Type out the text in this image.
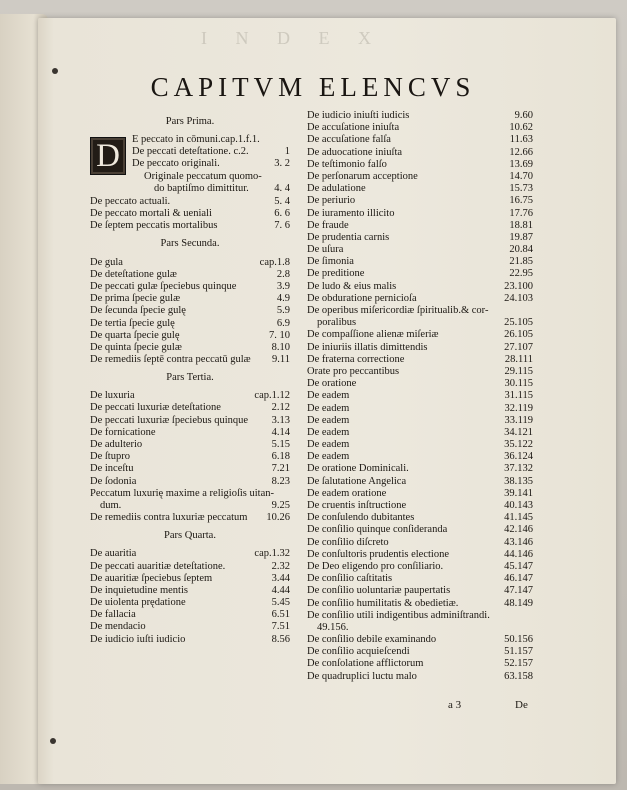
I N D E X
CAPITVM ELENCVS
Pars Prima.
D	E peccato in cōmuni.cap.1.f.1.
De peccati deteſtatione. c.2.	1
De peccato originali.	3. 2
Originale peccatum quomo-
do baptiſmo dimittitur. 4. 4
De peccato actuali.	5. 4
De peccato mortali & ueniali	6. 6
De ſeptem peccatis mortalibus	7. 6
Pars Secunda.
De gula	cap.1.8
De deteſtatione gulæ	2.8
De peccati gulæ ſpeciebus quinque	3.9
De prima ſpecie gulæ	4.9
De ſecunda ſpecie gulę	5.9
De tertia ſpecie gulę	6.9
De quarta ſpecie gulę	7. 10
De quinta ſpecie gulæ	8.10
De remediis ſeptē contra peccatū gulæ 9.11
Pars Tertia.
De luxuria	cap.1.12
De peccati luxuriæ deteſtatione	2.12
De peccati luxuriæ ſpeciebus quinque 3.13
De fornicatione	4.14
De adulterio	5.15
De ſtupro	6.18
De inceſtu	7.21
De ſodonia	8.23
Peccatum luxurię maxime a religioſis uitan-
dum.	9.25
De remediis contra luxuriæ peccatum 10.26
Pars Quarta.
De auaritia	cap.1.32
De peccati auaritiæ deteſtatione.	2.32
De auaritiæ ſpeciebus ſeptem	3.44
De inquietudine mentis	4.44
De uiolenta prędatione	5.45
De fallacia	6.51
De mendacio	7.51
De iudicio iuſti iudicio	8.56
De iudicio iniuſti iudicis	9.60
De accuſatione iniuſta	10.62
De accuſatione falſa	11.63
De aduocatione iniuſta	12.66
De teſtimonio falſo	13.69
De perſonarum acceptione	14.70
De adulatione	15.73
De periurio	16.75
De iuramento illicito	17.76
De fraude	18.81
De prudentia carnis	19.87
De uſura	20.84
De ſimonia	21.85
De preditione	22.95
De ludo & eius malis	23.100
De obduratione pernicioſa	24.103
De operibus miſericordiæ ſpiritualib.& cor-
poralibus	25.105
De compaſſione alienæ miſeriæ	26.105
De iniuriis illatis dimittendis	27.107
De fraterna correctione	28.111
Orate pro peccantibus	29.115
De oratione	30.115
De eadem	31.115
De eadem	32.119
De eadem	33.119
De eadem	34.121
De eadem	35.122
De eadem	36.124
De oratione Dominicali.	37.132
De ſalutatione Angelica	38.135
De eadem oratione	39.141
De cruentis inſtructione	40.143
De conſulendo dubitantes	41.145
De conſilio quinque conſideranda	42.146
De conſilio diſcreto	43.146
De conſultoris prudentis electione	44.146
De Deo eligendo pro conſiliario.	45.147
De conſilio caſtitatis	46.147
De conſilio uoluntariæ paupertatis	47.147
De conſilio humilitatis & obedietiæ.	48.149
De conſilio utili indigentibus adminiſtrandi.
49.156.
De conſilio debile examinando	50.156
De conſilio acquieſcendi	51.157
De conſolatione afflictorum	52.157
De quadruplici luctu malo	63.158
a 3	De
